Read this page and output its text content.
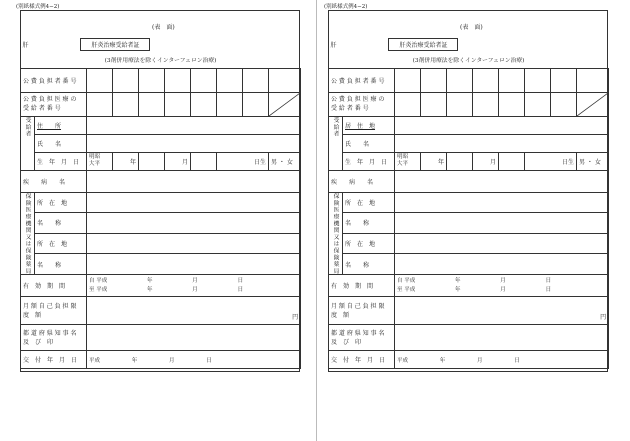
(別紙様式例4−2)
(表　面)
肝 肝炎治療受給者証
(3剤併用療法を除くインターフェロン治療)									

公 費 負 担 者 番 号									
公 費 負 担 医 療 の 受 給 者 番 号								

受給者	住　　所								
	氏　　名								
	生　年　月　日	明昭
大平	年		月		日生		男 ・ 女
疾　　病　　名									
保険医療機関又は保険薬局	所　在　地								
	名　　称								
	所　在　地								
	名　　称								
有　効　期　間		自 平成 年 月 日
至 平成 年 月 日							
月 額 自 己 負 担 限　度　額		円							
都 道 府 県 知 事 名 及　び　印									
交　付　年　月　日		平成 年 月 日							
(別紙様式例4−2)
(表　面)
肝 肝炎治療受給者証
(3剤併用療法を除くインターフェロン治療)									

公 費 負 担 者 番 号									
公 費 負 担 医 療 の 受 給 者 番 号								

受給者	居　住　地								
	氏　　名								
	生　年　月　日	明昭
大平	年		月		日生		男 ・ 女
疾　　病　　名									
保険医療機関又は保険薬局	所　在　地								
	名　　称								
	所　在　地								
	名　　称								
有　効　期　間		自 平成 年 月 日
至 平成 年 月 日							
月 額 自 己 負 担 限　度　額		円							
都 道 府 県 知 事 名 及　び　印									
交　付　年　月　日		平成 年 月 日							
